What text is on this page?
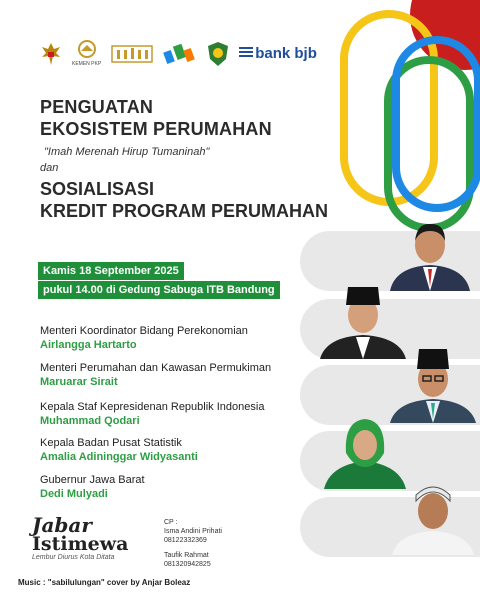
KEMEN PKP
bank bjb
PENGUATAN
EKOSISTEM PERUMAHAN
"Imah Merenah Hirup Tumaninah"
dan
SOSIALISASI
KREDIT PROGRAM PERUMAHAN
Kamis 18 September 2025
pukul 14.00 di Gedung Sabuga ITB Bandung
Menteri Koordinator Bidang Perekonomian
Airlangga Hartarto
Menteri Perumahan dan Kawasan Permukiman
Maruarar Sirait
Kepala Staf Kepresidenan Republik Indonesia
Muhammad Qodari
Kepala Badan Pusat Statistik
Amalia Adininggar Widyasanti
Gubernur Jawa Barat
Dedi Mulyadi
Jabar
Istimewa
Lembur Diurus Kota Ditata
CP :
Isma Andini Prihati
08122332369
Taufik Rahmat
081320942825
Music : "sabilulungan" cover by Anjar Boleaz
